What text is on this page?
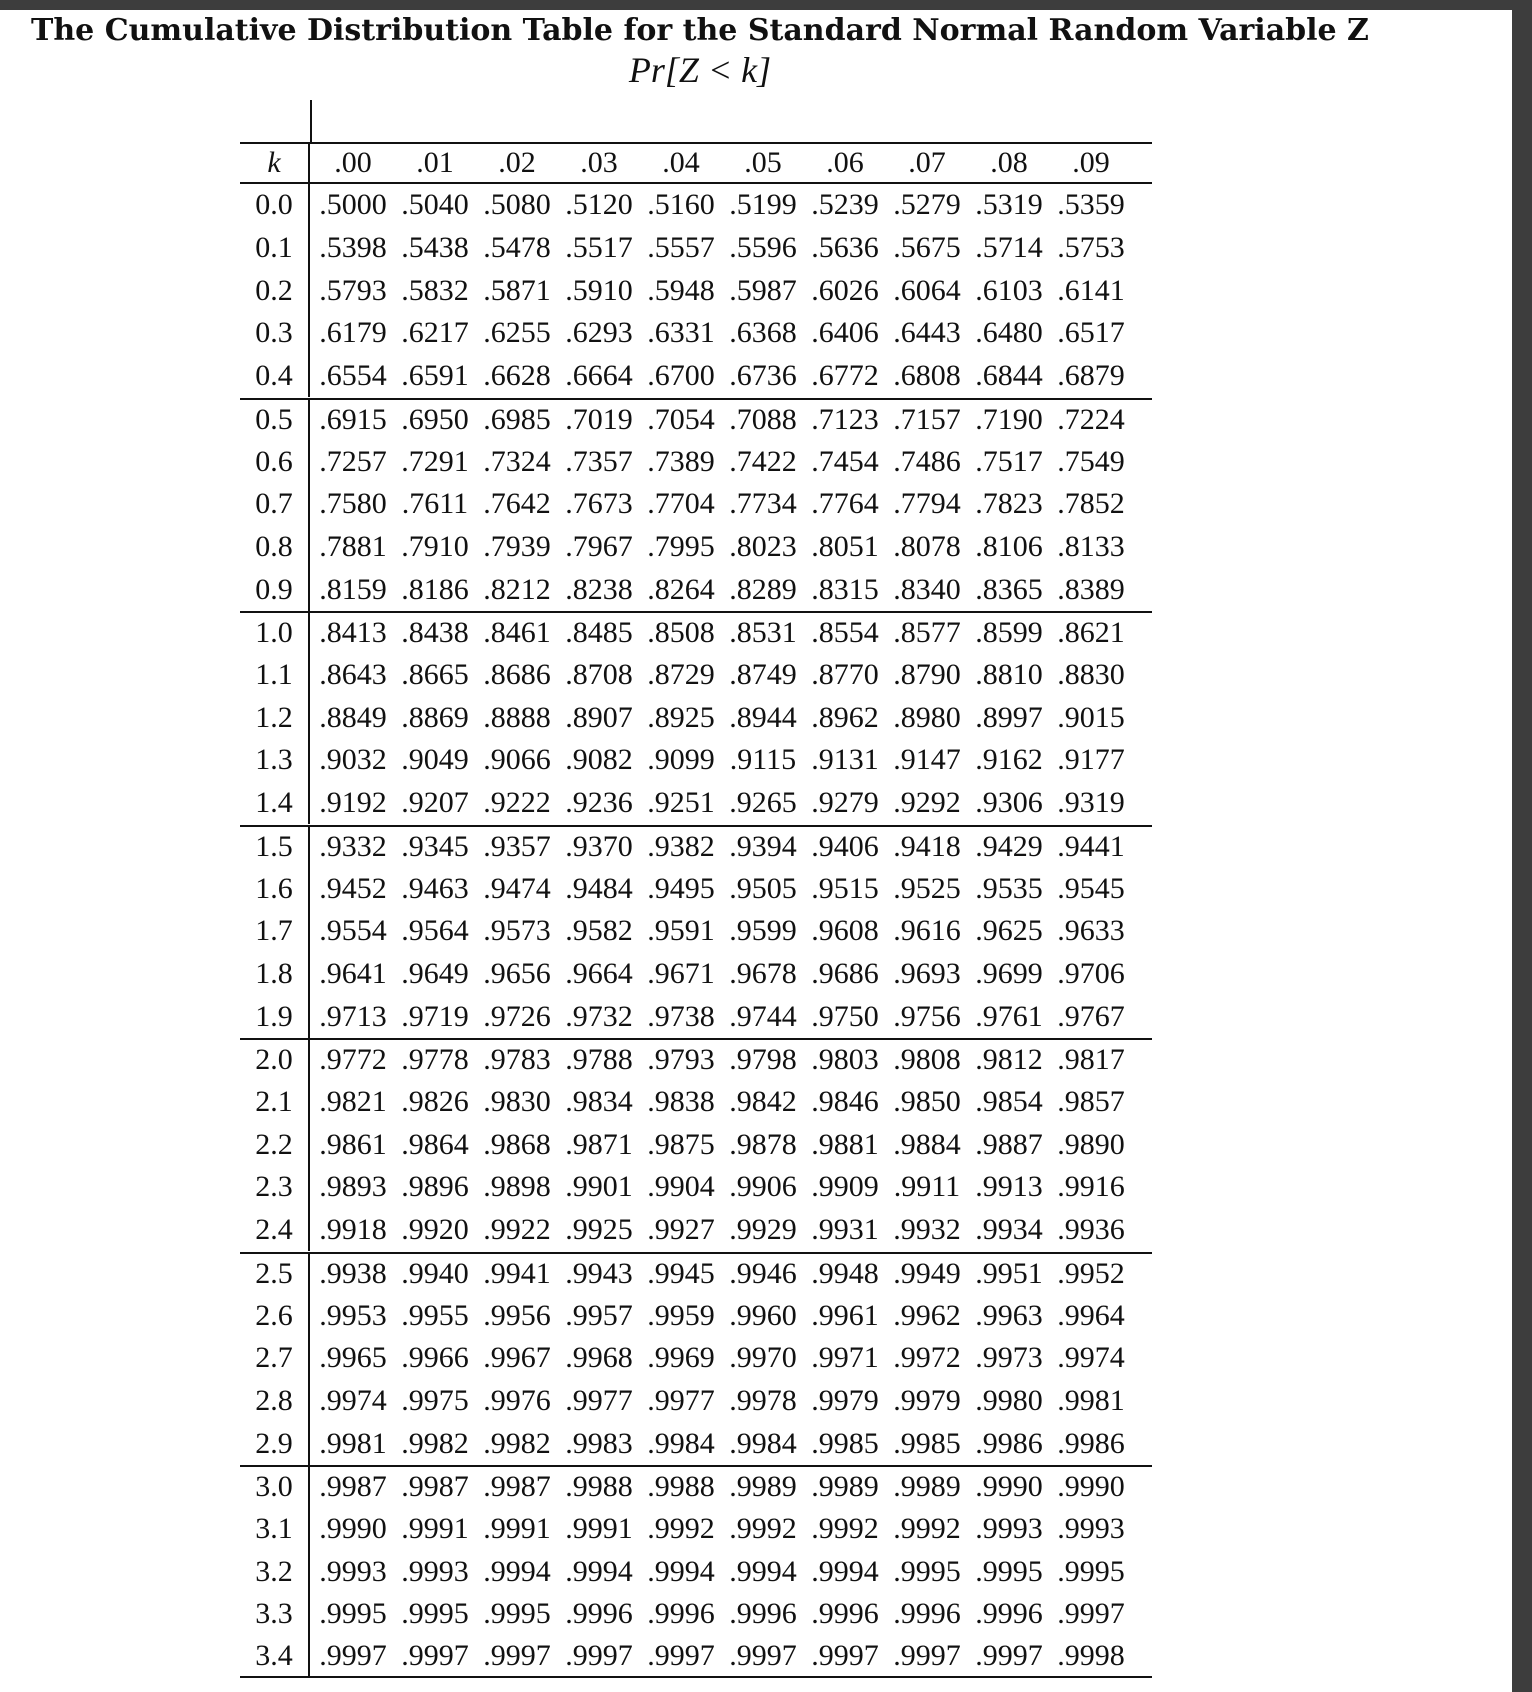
The Cumulative Distribution Table for the Standard Normal Random Variable Z
Pr[Z < k]
k	.00	.01	.02	.03	.04	.05	.06	.07	.08	.09
0.0 .5000 .5040 .5080 .5120 .5160 .5199 .5239 .5279 .5319 .5359
0.1 .5398 .5438 .5478 .5517 .5557 .5596 .5636 .5675 .5714 .5753
0.2 .5793 .5832 .5871 .5910 .5948 .5987 .6026 .6064 .6103 .6141
0.3 .6179 .6217 .6255 .6293 .6331 .6368 .6406 .6443 .6480 .6517
0.4 .6554 .6591 .6628 .6664 .6700 .6736 .6772 .6808 .6844 .6879
0.5 .6915 .6950 .6985 .7019 .7054 .7088 .7123 .7157 .7190 .7224
0.6 .7257 .7291 .7324 .7357 .7389 .7422 .7454 .7486 .7517 .7549
0.7 .7580 .7611 .7642 .7673 .7704 .7734 .7764 .7794 .7823 .7852
0.8 .7881 .7910 .7939 .7967 .7995 .8023 .8051 .8078 .8106 .8133
0.9 .8159 .8186 .8212 .8238 .8264 .8289 .8315 .8340 .8365 .8389
1.0 .8413 .8438 .8461 .8485 .8508 .8531 .8554 .8577 .8599 .8621
1.1 .8643 .8665 .8686 .8708 .8729 .8749 .8770 .8790 .8810 .8830
1.2 .8849 .8869 .8888 .8907 .8925 .8944 .8962 .8980 .8997 .9015
1.3 .9032 .9049 .9066 .9082 .9099 .9115 .9131 .9147 .9162 .9177
1.4 .9192 .9207 .9222 .9236 .9251 .9265 .9279 .9292 .9306 .9319
1.5 .9332 .9345 .9357 .9370 .9382 .9394 .9406 .9418 .9429 .9441
1.6 .9452 .9463 .9474 .9484 .9495 .9505 .9515 .9525 .9535 .9545
1.7 .9554 .9564 .9573 .9582 .9591 .9599 .9608 .9616 .9625 .9633
1.8 .9641 .9649 .9656 .9664 .9671 .9678 .9686 .9693 .9699 .9706
1.9 .9713 .9719 .9726 .9732 .9738 .9744 .9750 .9756 .9761 .9767
2.0 .9772 .9778 .9783 .9788 .9793 .9798 .9803 .9808 .9812 .9817
2.1 .9821 .9826 .9830 .9834 .9838 .9842 .9846 .9850 .9854 .9857
2.2 .9861 .9864 .9868 .9871 .9875 .9878 .9881 .9884 .9887 .9890
2.3 .9893 .9896 .9898 .9901 .9904 .9906 .9909 .9911 .9913 .9916
2.4 .9918 .9920 .9922 .9925 .9927 .9929 .9931 .9932 .9934 .9936
2.5 .9938 .9940 .9941 .9943 .9945 .9946 .9948 .9949 .9951 .9952
2.6 .9953 .9955 .9956 .9957 .9959 .9960 .9961 .9962 .9963 .9964
2.7 .9965 .9966 .9967 .9968 .9969 .9970 .9971 .9972 .9973 .9974
2.8 .9974 .9975 .9976 .9977 .9977 .9978 .9979 .9979 .9980 .9981
2.9 .9981 .9982 .9982 .9983 .9984 .9984 .9985 .9985 .9986 .9986
3.0 .9987 .9987 .9987 .9988 .9988 .9989 .9989 .9989 .9990 .9990
3.1 .9990 .9991 .9991 .9991 .9992 .9992 .9992 .9992 .9993 .9993
3.2 .9993 .9993 .9994 .9994 .9994 .9994 .9994 .9995 .9995 .9995
3.3 .9995 .9995 .9995 .9996 .9996 .9996 .9996 .9996 .9996 .9997
3.4 .9997 .9997 .9997 .9997 .9997 .9997 .9997 .9997 .9997 .9998
